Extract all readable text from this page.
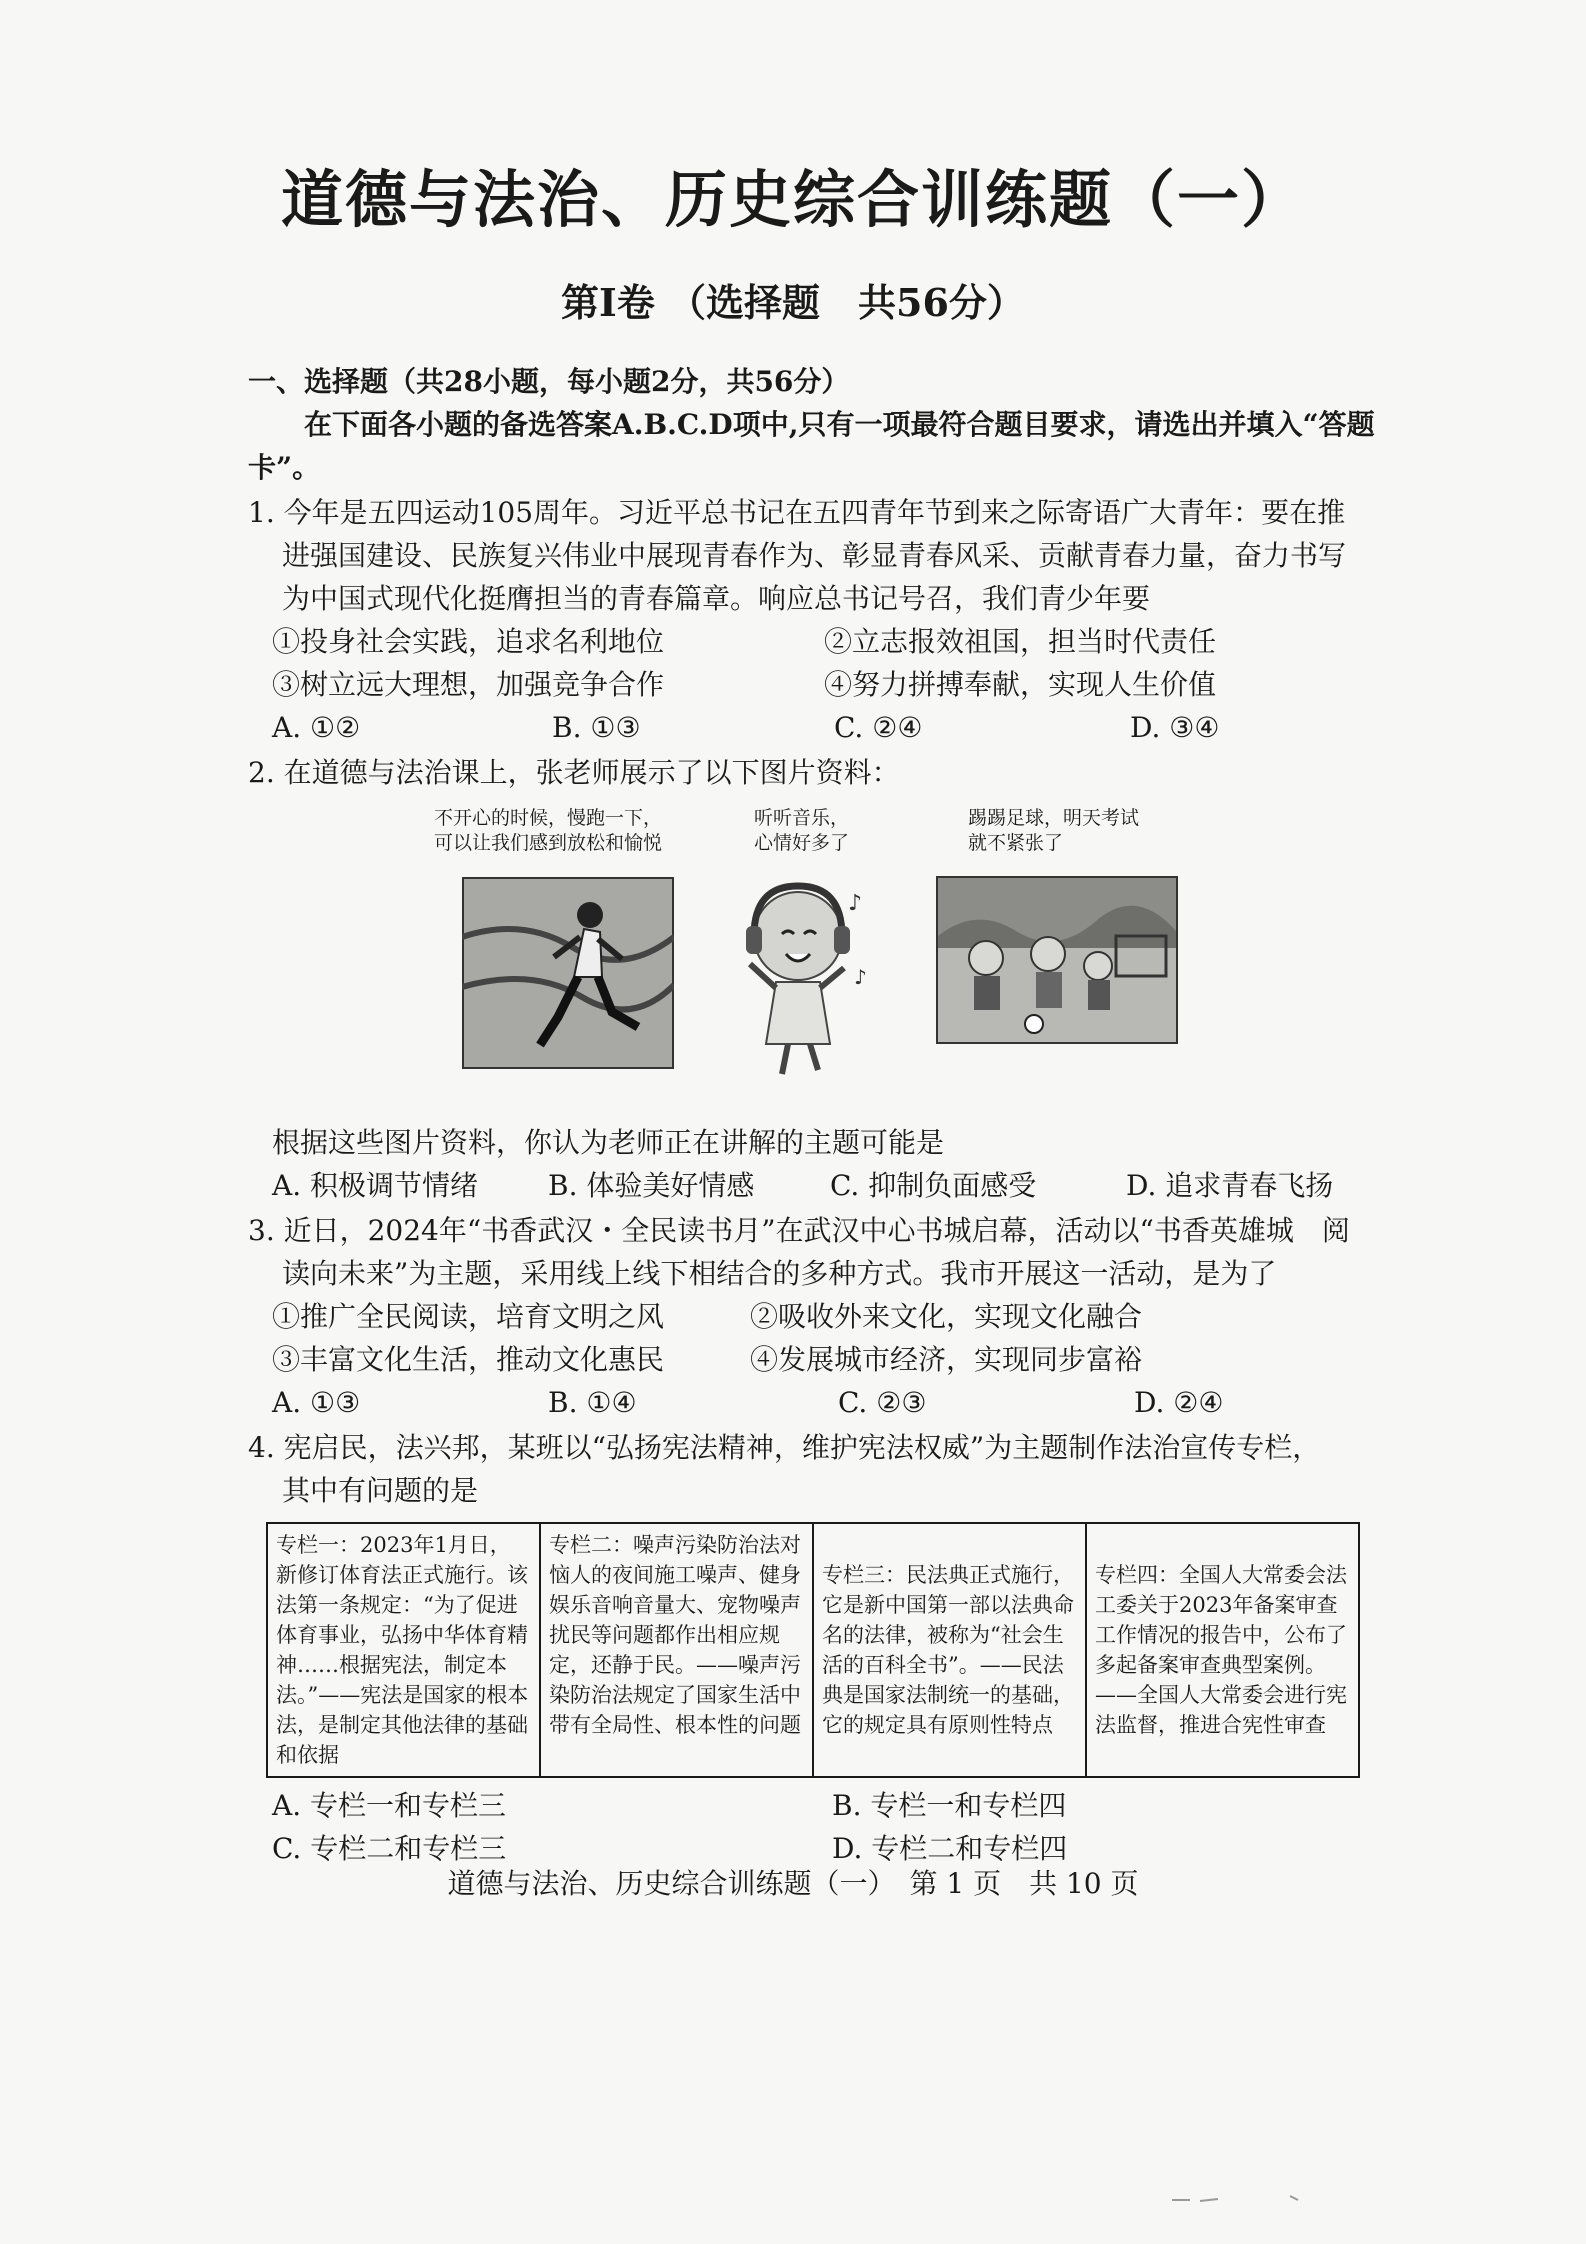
道德与法治、历史综合训练题（一）
第Ⅰ卷 （选择题　共56分）
一、选择题（共28小题，每小题2分，共56分）
在下面各小题的备选答案A.B.C.D项中,只有一项最符合题目要求，请选出并填入“答题卡”。
1. 今年是五四运动105周年。习近平总书记在五四青年节到来之际寄语广大青年：要在推
进强国建设、民族复兴伟业中展现青春作为、彰显青春风采、贡献青春力量，奋力书写
为中国式现代化挺膺担当的青春篇章。响应总书记号召，我们青少年要
①投身社会实践，追求名利地位	②立志报效祖国，担当时代责任
③树立远大理想，加强竞争合作	④努力拼搏奉献，实现人生价值
A. ①②	B. ①③	C. ②④	D. ③④
2. 在道德与法治课上，张老师展示了以下图片资料：
不开心的时候，慢跑一下，
可以让我们感到放松和愉悦
听听音乐，
心情好多了
踢踢足球，明天考试
就不紧张了
♪
♪
根据这些图片资料，你认为老师正在讲解的主题可能是
A. 积极调节情绪	B. 体验美好情感	C. 抑制负面感受	D. 追求青春飞扬
3. 近日，2024年“书香武汉・全民读书月”在武汉中心书城启幕，活动以“书香英雄城　阅
读向未来”为主题，采用线上线下相结合的多种方式。我市开展这一活动，是为了
①推广全民阅读，培育文明之风	②吸收外来文化，实现文化融合
③丰富文化生活，推动文化惠民	④发展城市经济，实现同步富裕
A. ①③	B. ①④	C. ②③	D. ②④
4. 宪启民，法兴邦，某班以“弘扬宪法精神，维护宪法权威”为主题制作法治宣传专栏，
其中有问题的是
专栏一：2023年1月日，新修订体育法正式施行。该法第一条规定：“为了促进体育事业，弘扬中华体育精神……根据宪法，制定本法。”——宪法是国家的根本法，是制定其他法律的基础和依据	专栏二：噪声污染防治法对恼人的夜间施工噪声、健身娱乐音响音量大、宠物噪声扰民等问题都作出相应规定，还静于民。——噪声污染防治法规定了国家生活中带有全局性、根本性的问题	专栏三：民法典正式施行，它是新中国第一部以法典命名的法律，被称为“社会生活的百科全书”。——民法典是国家法制统一的基础，它的规定具有原则性特点	专栏四：全国人大常委会法工委关于2023年备案审查工作情况的报告中，公布了多起备案审查典型案例。——全国人大常委会进行宪法监督，推进合宪性审查
A. 专栏一和专栏三	B. 专栏一和专栏四
C. 专栏二和专栏三	D. 专栏二和专栏四
道德与法治、历史综合训练题（一）　第 1 页　共 10 页
